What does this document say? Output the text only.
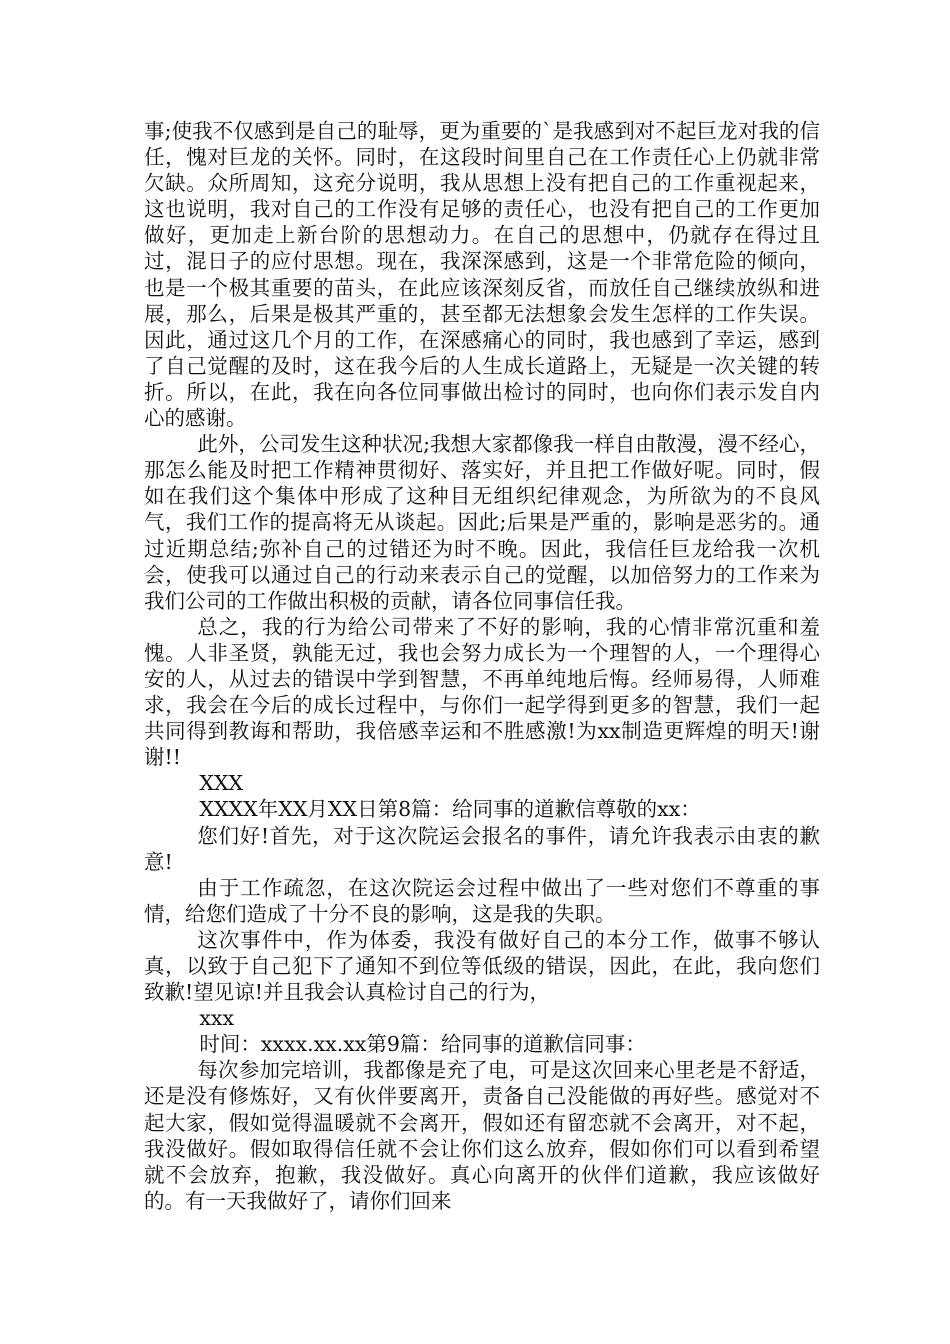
事;使我不仅感到是自己的耻辱，更为重要的`是我感到对不起巨龙对我的信任，愧对巨龙的关怀。同时，在这段时间里自己在工作责任心上仍就非常欠缺。众所周知，这充分说明，我从思想上没有把自己的工作重视起来，这也说明，我对自己的工作没有足够的责任心，也没有把自己的工作更加做好，更加走上新台阶的思想动力。在自己的思想中，仍就存在得过且过，混日子的应付思想。现在，我深深感到，这是一个非常危险的倾向，也是一个极其重要的苗头，在此应该深刻反省，而放任自己继续放纵和进展，那么，后果是极其严重的，甚至都无法想象会发生怎样的工作失误。因此，通过这几个月的工作，在深感痛心的同时，我也感到了幸运，感到了自己觉醒的及时，这在我今后的人生成长道路上，无疑是一次关键的转折。所以，在此，我在向各位同事做出检讨的同时，也向你们表示发自内心的感谢。

此外，公司发生这种状况;我想大家都像我一样自由散漫，漫不经心，那怎么能及时把工作精神贯彻好、落实好，并且把工作做好呢。同时，假如在我们这个集体中形成了这种目无组织纪律观念，为所欲为的不良风气，我们工作的提高将无从谈起。因此;后果是严重的，影响是恶劣的。通过近期总结;弥补自己的过错还为时不晚。因此，我信任巨龙给我一次机会，使我可以通过自己的行动来表示自己的觉醒，以加倍努力的工作来为我们公司的工作做出积极的贡献，请各位同事信任我。

总之，我的行为给公司带来了不好的影响，我的心情非常沉重和羞愧。人非圣贤，孰能无过，我也会努力成长为一个理智的人，一个理得心安的人，从过去的错误中学到智慧，不再单纯地后悔。经师易得，人师难求，我会在今后的成长过程中，与你们一起学得到更多的智慧，我们一起共同得到教诲和帮助，我倍感幸运和不胜感激!为xx制造更辉煌的明天!谢谢!!

XXX

XXXX年XX月XX日第8篇：给同事的道歉信尊敬的xx：

您们好!首先，对于这次院运会报名的事件，请允许我表示由衷的歉意!

由于工作疏忽，在这次院运会过程中做出了一些对您们不尊重的事情，给您们造成了十分不良的影响，这是我的失职。

这次事件中，作为体委，我没有做好自己的本分工作，做事不够认真，以致于自己犯下了通知不到位等低级的错误，因此，在此，我向您们致歉!望见谅!并且我会认真检讨自己的行为，

xxx

时间：xxxx.xx.xx第9篇：给同事的道歉信同事：

每次参加完培训，我都像是充了电，可是这次回来心里老是不舒适，还是没有修炼好，又有伙伴要离开，责备自己没能做的再好些。感觉对不起大家，假如觉得温暖就不会离开，假如还有留恋就不会离开，对不起，我没做好。假如取得信任就不会让你们这么放弃，假如你们可以看到希望就不会放弃，抱歉，我没做好。真心向离开的伙伴们道歉，我应该做好的。有一天我做好了，请你们回来
